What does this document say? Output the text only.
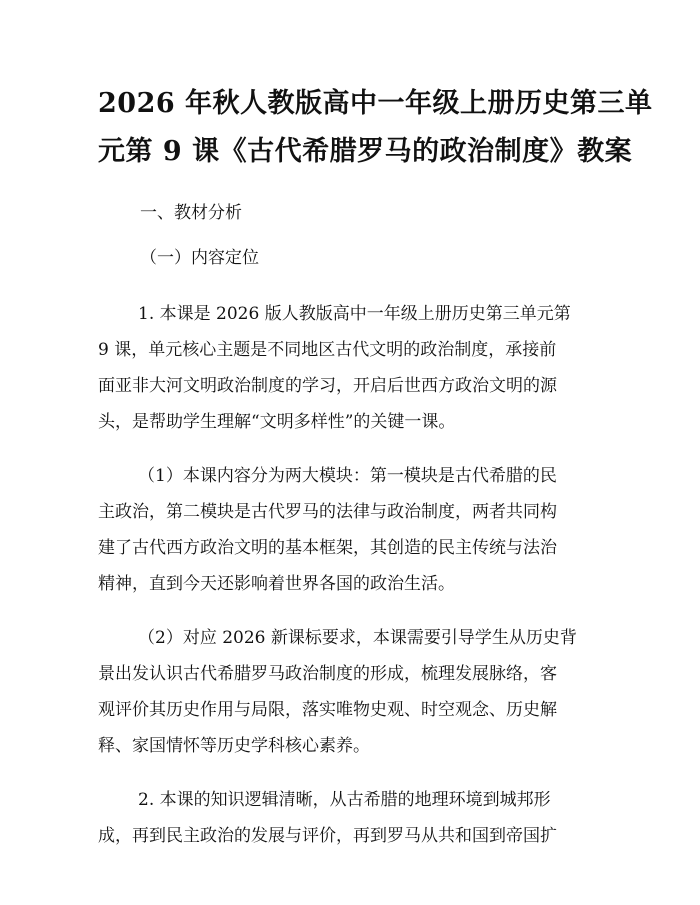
2026 年秋人教版高中一年级上册历史第三单
元第 9 课《古代希腊罗马的政治制度》教案
一、教材分析
（一）内容定位

1. 本课是 2026 版人教版高中一年级上册历史第三单元第
9 课，单元核心主题是不同地区古代文明的政治制度，承接前
面亚非大河文明政治制度的学习，开启后世西方政治文明的源
头，是帮助学生理解“文明多样性”的关键一课。

（1）本课内容分为两大模块：第一模块是古代希腊的民
主政治，第二模块是古代罗马的法律与政治制度，两者共同构
建了古代西方政治文明的基本框架，其创造的民主传统与法治
精神，直到今天还影响着世界各国的政治生活。

（2）对应 2026 新课标要求，本课需要引导学生从历史背
景出发认识古代希腊罗马政治制度的形成，梳理发展脉络，客
观评价其历史作用与局限，落实唯物史观、时空观念、历史解
释、家国情怀等历史学科核心素养。

2. 本课的知识逻辑清晰，从古希腊的地理环境到城邦形
成，再到民主政治的发展与评价，再到罗马从共和国到帝国扩
